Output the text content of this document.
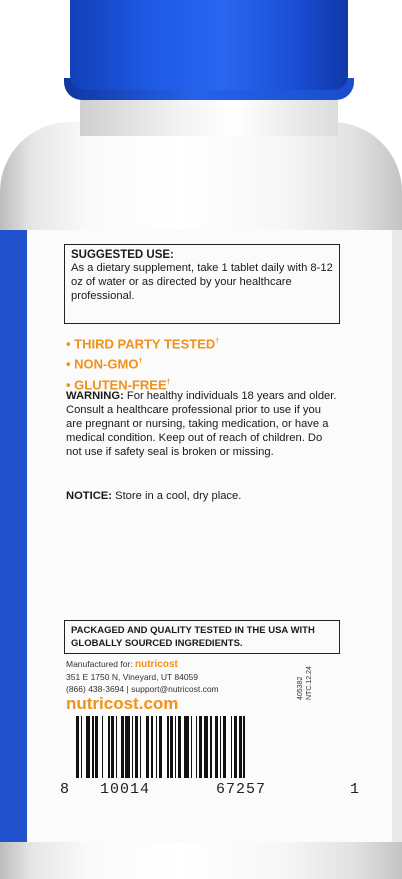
SUGGESTED USE:
As a dietary supplement, take 1 tablet daily with 8-12 oz of water or as directed by your healthcare professional.
• THIRD PARTY TESTED†
• NON-GMO†
• GLUTEN-FREE†
WARNING: For healthy individuals 18 years and older. Consult a healthcare professional prior to use if you are pregnant or nursing, taking medication, or have a medical condition. Keep out of reach of children. Do not use if safety seal is broken or missing.
NOTICE: Store in a cool, dry place.
PACKAGED AND QUALITY TESTED IN THE USA WITH GLOBALLY SOURCED INGREDIENTS.
Manufactured for: nutricost
351 E 1750 N, Vineyard, UT 84059
(866) 438-3694 | support@nutricost.com
nutricost.com
405382 NTC.12.24
8 10014	67257	1
